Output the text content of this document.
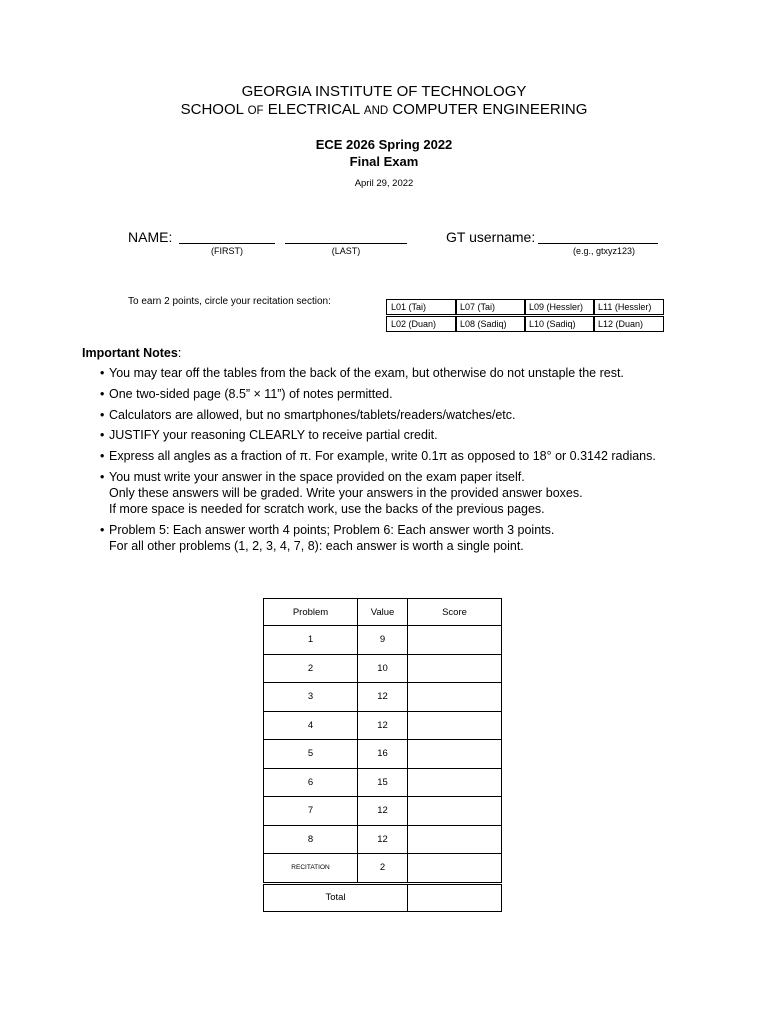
GEORGIA INSTITUTE OF TECHNOLOGY
SCHOOL OF ELECTRICAL AND COMPUTER ENGINEERING
ECE 2026 Spring 2022
Final Exam
April 29, 2022
NAME:
(FIRST)	(LAST)
GT username:
(e.g., gtxyz123)
To earn 2 points, circle your recitation section:	L01 (Tai)	L07 (Tai)	L09 (Hessler)	L11 (Hessler)
L02 (Duan)	L08 (Sadiq)	L10 (Sadiq)	L12 (Duan)
Important Notes:
• You may tear off the tables from the back of the exam, but otherwise do not unstaple the rest.
• One two-sided page (8.5” × 11”) of notes permitted.
• Calculators are allowed, but no smartphones/tablets/readers/watches/etc.
• JUSTIFY your reasoning CLEARLY to receive partial credit.
• Express all angles as a fraction of π. For example, write 0.1π as opposed to 18° or 0.3142 radians.
• You must write your answer in the space provided on the exam paper itself.
Only these answers will be graded. Write your answers in the provided answer boxes.
If more space is needed for scratch work, use the backs of the previous pages.
• Problem 5: Each answer worth 4 points; Problem 6: Each answer worth 3 points.
For all other problems (1, 2, 3, 4, 7, 8): each answer is worth a single point.
Problem	Value	Score
1	9	
2	10	
3	12	
4	12	
5	16	
6	15	
7	12	
8	12	
RECITATION	2	
Total		
